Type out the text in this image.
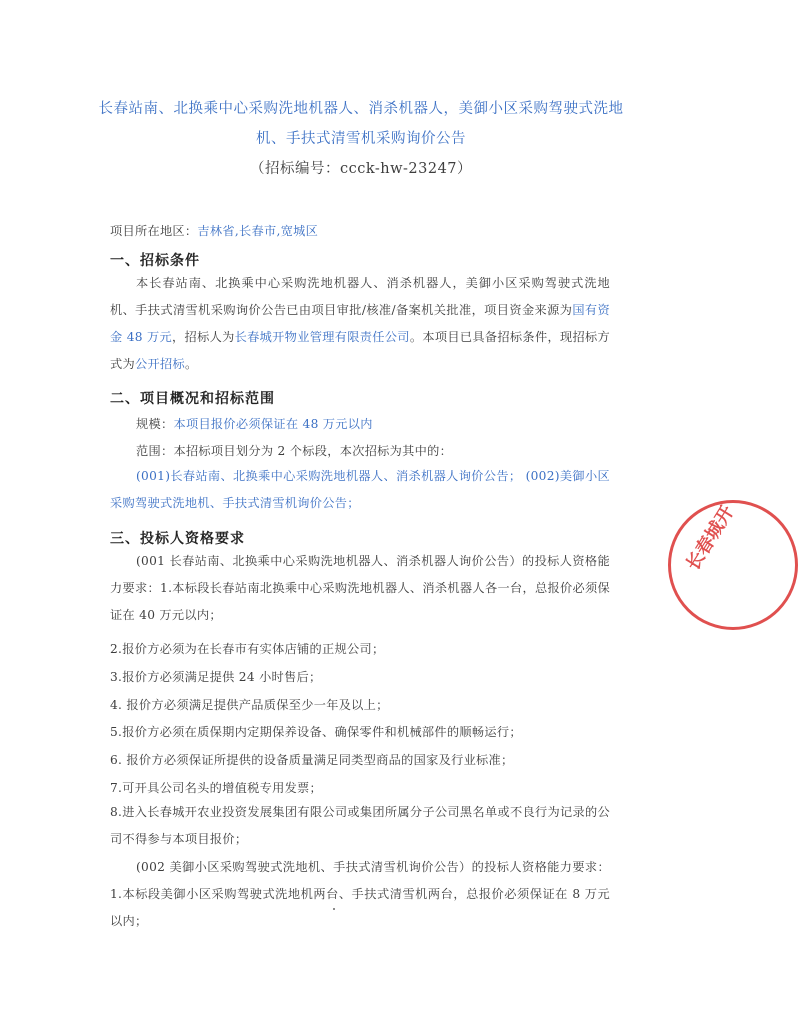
长春站南、北换乘中心采购洗地机器人、消杀机器人，美御小区采购驾驶式洗地
机、手扶式清雪机采购询价公告
（招标编号：ccck-hw-23247）
项目所在地区：吉林省,长春市,宽城区
一、招标条件
本长春站南、北换乘中心采购洗地机器人、消杀机器人，美御小区采购驾驶式洗地机、手扶式清雪机采购询价公告已由项目审批/核准/备案机关批准，项目资金来源为国有资金 48 万元，招标人为长春城开物业管理有限责任公司。本项目已具备招标条件，现招标方式为公开招标。
二、项目概况和招标范围
规模：本项目报价必须保证在 48 万元以内
范围：本招标项目划分为 2 个标段，本次招标为其中的：
(001)长春站南、北换乘中心采购洗地机器人、消杀机器人询价公告； (002)美御小区采购驾驶式洗地机、手扶式清雪机询价公告；
三、投标人资格要求
(001 长春站南、北换乘中心采购洗地机器人、消杀机器人询价公告）的投标人资格能力要求：1.本标段长春站南北换乘中心采购洗地机器人、消杀机器人各一台，总报价必须保证在 40 万元以内；
2.报价方必须为在长春市有实体店铺的正规公司；
3.报价方必须满足提供 24 小时售后；
4. 报价方必须满足提供产品质保至少一年及以上；
5.报价方必须在质保期内定期保养设备、确保零件和机械部件的顺畅运行；
6. 报价方必须保证所提供的设备质量满足同类型商品的国家及行业标准；
7.可开具公司名头的增值税专用发票；
8.进入长春城开农业投资发展集团有限公司或集团所属分子公司黑名单或不良行为记录的公司不得参与本项目报价；
(002 美御小区采购驾驶式洗地机、手扶式清雪机询价公告）的投标人资格能力要求：1.本标段美御小区采购驾驶式洗地机两台、手扶式清雪机两台，总报价必须保证在 8 万元以内；
长春城开
